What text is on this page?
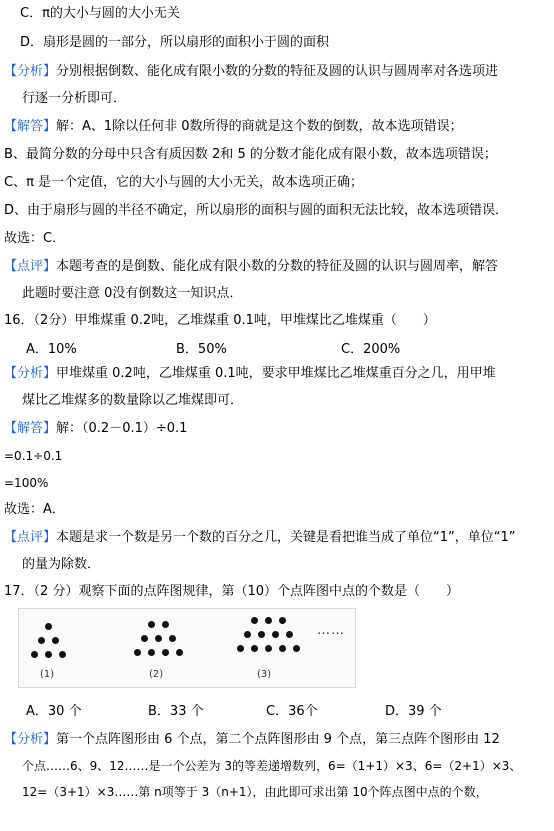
C．π的大小与圆的大小无关
D．扇形是圆的一部分，所以扇形的面积小于圆的面积
【分析】分别根据倒数、能化成有限小数的分数的特征及圆的认识与圆周率对各选项进
行逐一分析即可．
【解答】解：A、1除以任何非 0数所得的商就是这个数的倒数，故本选项错误；
B、最简分数的分母中只含有质因数 2和 5 的分数才能化成有限小数，故本选项错误；
C、π 是一个定值，它的大小与圆的大小无关，故本选项正确；
D、由于扇形与圆的半径不确定，所以扇形的面积与圆的面积无法比较，故本选项错误．
故选：C．
【点评】本题考查的是倒数、能化成有限小数的分数的特征及圆的认识与圆周率，解答
此题时要注意 0没有倒数这一知识点．
16．（2分）甲堆煤重 0.2吨，乙堆煤重 0.1吨，甲堆煤比乙堆煤重（　　）
A．10%	B．50%	C．200%
【分析】甲堆煤重 0.2吨，乙堆煤重 0.1吨，要求甲堆煤比乙堆煤重百分之几，用甲堆
煤比乙堆煤多的数量除以乙堆煤即可．
【解答】解：（0.2－0.1）÷0.1
=0.1÷0.1
=100%
故选：A．
【点评】本题是求一个数是另一个数的百分之几，关键是看把谁当成了单位“1”，单位“1”
的量为除数．
17．（2 分）观察下面的点阵图规律，第（10）个点阵图中点的个数是（　　）
(1)	(2)	(3)
……
A．30 个	B．33 个	C．36个	D．39 个
【分析】第一个点阵图形由 6 个点，第二个点阵图形由 9 个点，第三点阵个图形由 12
个点……6、9、12……是一个公差为 3的等差递增数列，6=（1+1）×3、6=（2+1）×3、
12=（3+1）×3……第 n项等于 3（n+1），由此即可求出第 10个阵点图中点的个数，
